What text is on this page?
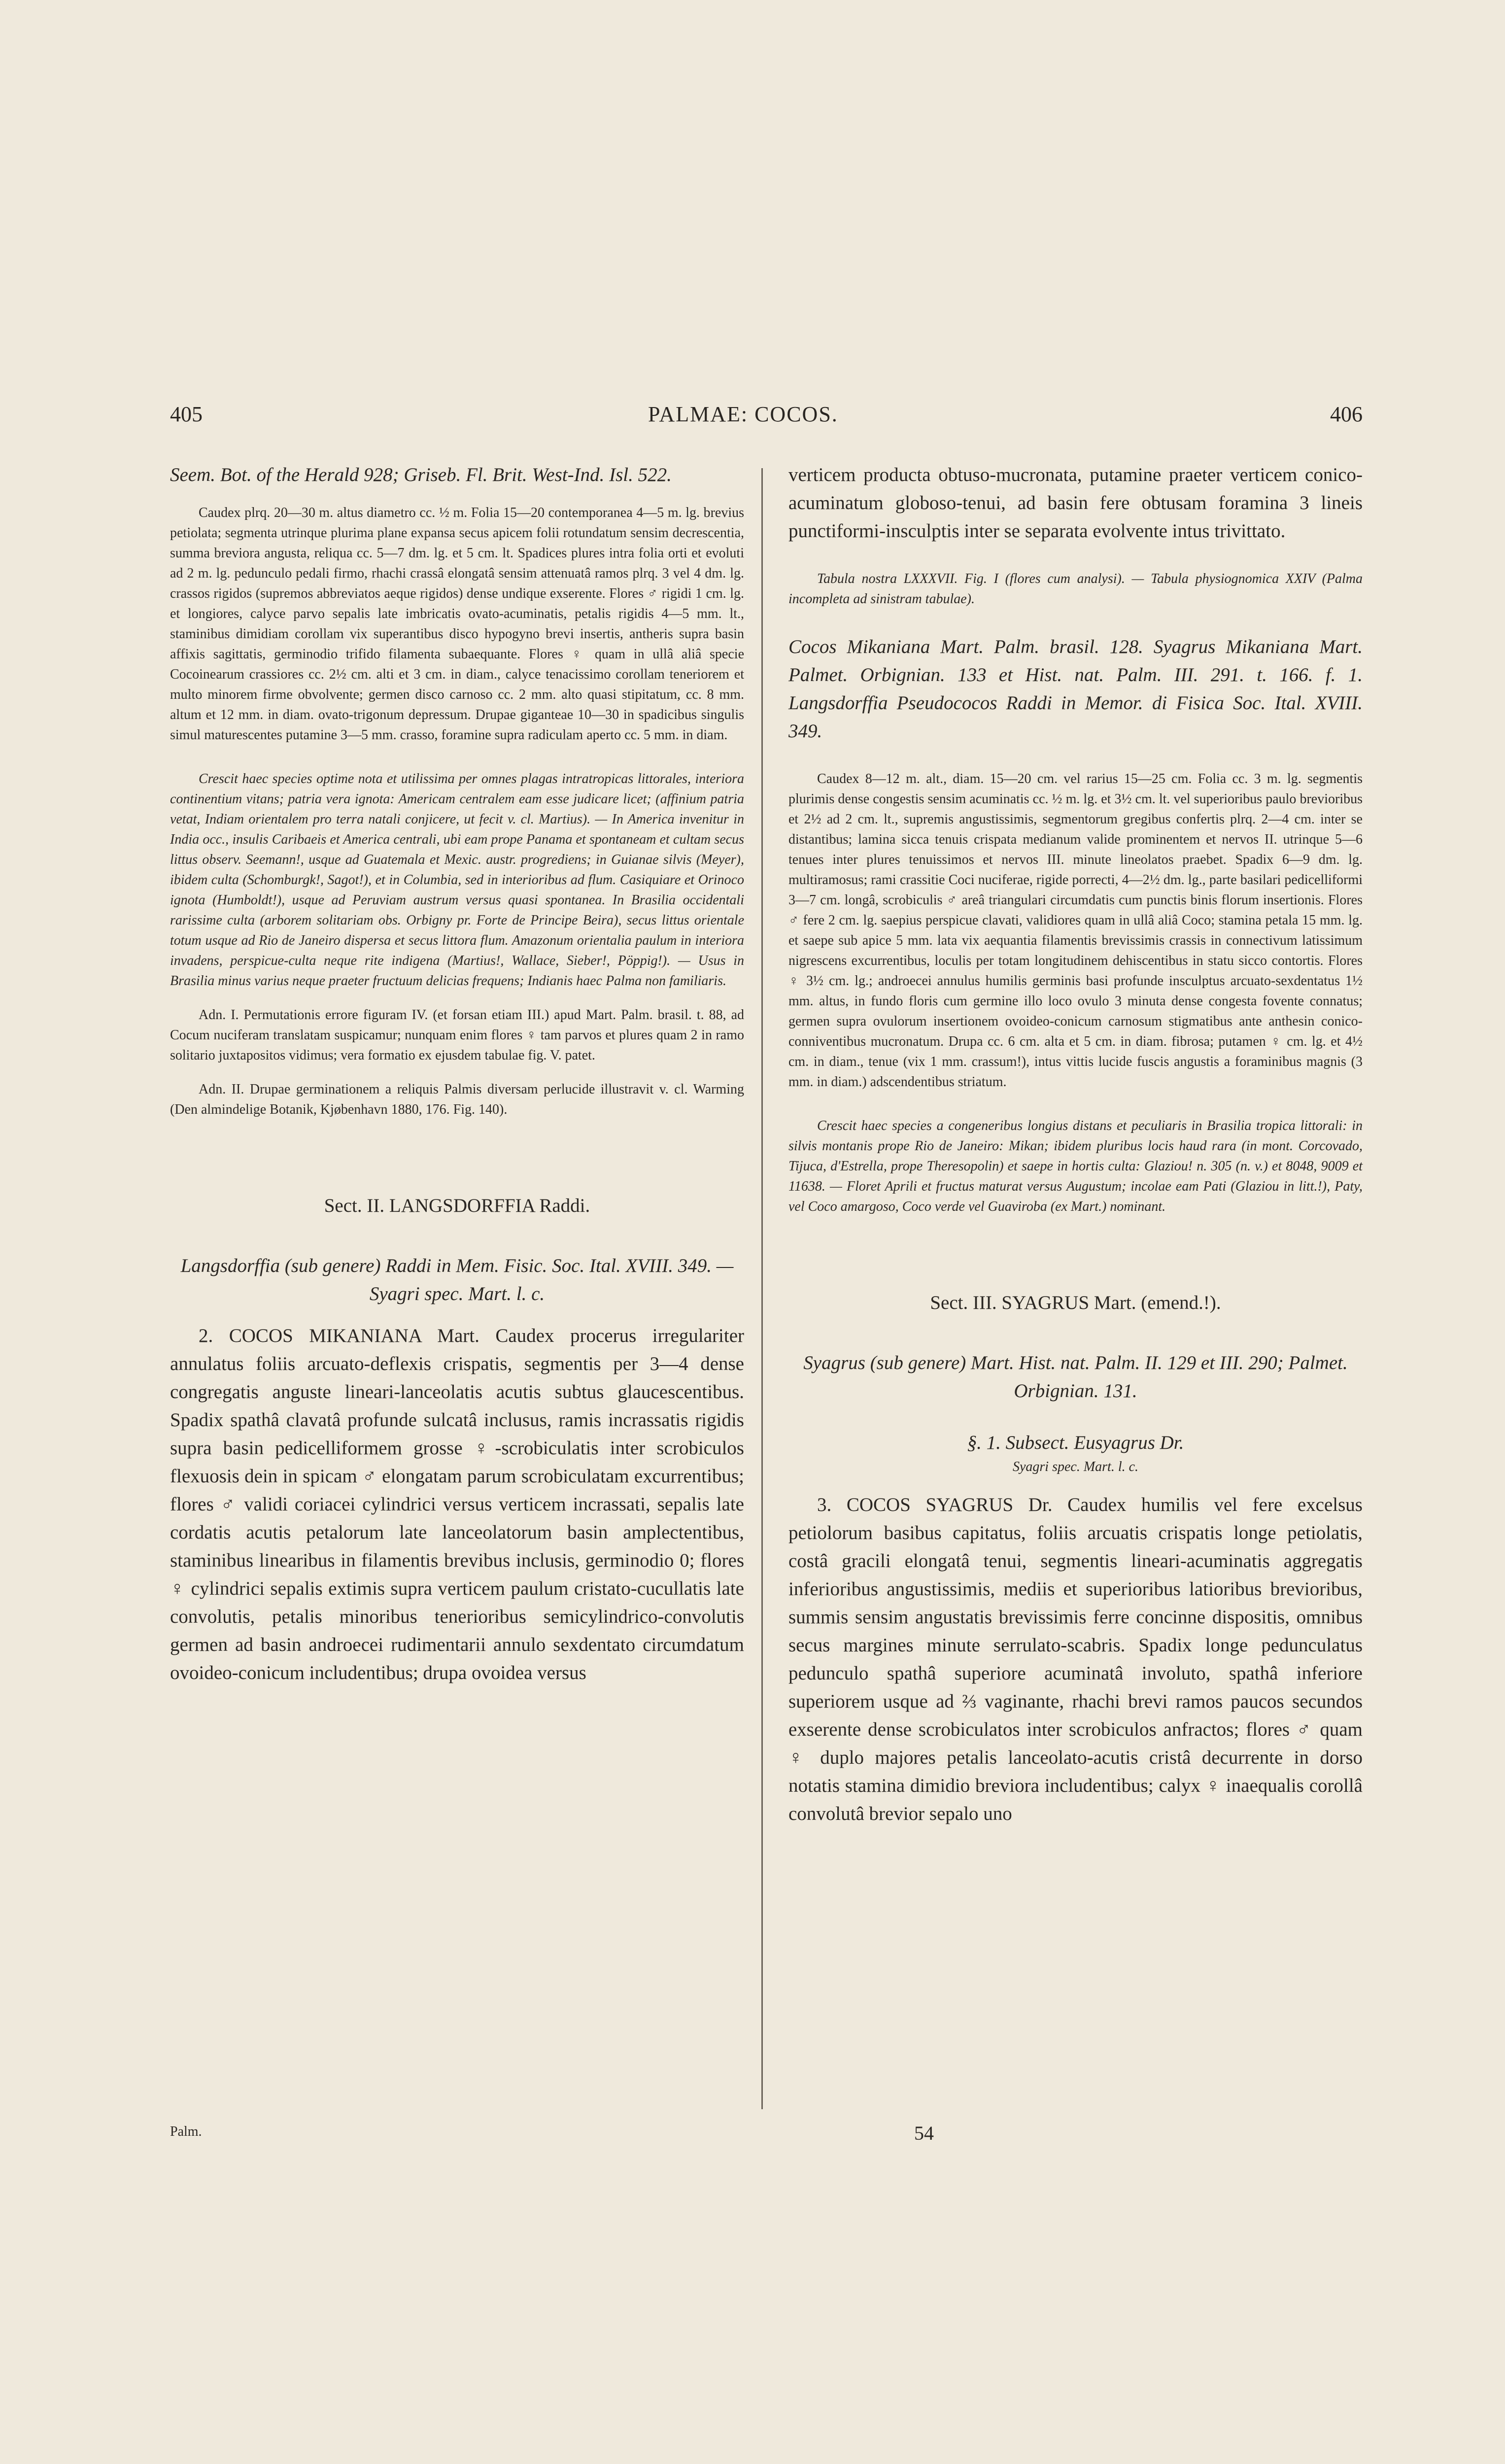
405	PALMAE: COCOS.	406

Seem. Bot. of the Herald 928; Griseb. Fl. Brit. West-Ind. Isl. 522.

Caudex plrq. 20—30 m. altus diametro cc. ½ m. Folia 15—20 contemporanea 4—5 m. lg. brevius petiolata; segmenta utrinque plurima plane expansa secus apicem folii rotundatum sensim decrescentia, summa breviora angusta, reliqua cc. 5—7 dm. lg. et 5 cm. lt. Spadices plures intra folia orti et evoluti ad 2 m. lg. pedunculo pedali firmo, rhachi crassâ elongatâ sensim attenuatâ ramos plrq. 3 vel 4 dm. lg. crassos rigidos (supremos abbreviatos aeque rigidos) dense undique exserente. Flores ♂ rigidi 1 cm. lg. et longiores, calyce parvo sepalis late imbricatis ovato-acuminatis, petalis rigidis 4—5 mm. lt., staminibus dimidiam corollam vix superantibus disco hypogyno brevi insertis, antheris supra basin affixis sagittatis, germinodio trifido filamenta subaequante. Flores ♀ quam in ullâ aliâ specie Cocoinearum crassiores cc. 2½ cm. alti et 3 cm. in diam., calyce tenacissimo corollam teneriorem et multo minorem firme obvolvente; germen disco carnoso cc. 2 mm. alto quasi stipitatum, cc. 8 mm. altum et 12 mm. in diam. ovato-trigonum depressum. Drupae giganteae 10—30 in spadicibus singulis simul maturescentes putamine 3—5 mm. crasso, foramine supra radiculam aperto cc. 5 mm. in diam.

Crescit haec species optime nota et utilissima per omnes plagas intratropicas littorales, interiora continentium vitans; patria vera ignota: Americam centralem eam esse judicare licet; (affinium patria vetat, Indiam orientalem pro terra natali conjicere, ut fecit v. cl. Martius). — In America invenitur in India occ., insulis Caribaeis et America centrali, ubi eam prope Panama et spontaneam et cultam secus littus observ. Seemann!, usque ad Guatemala et Mexic. austr. progrediens; in Guianae silvis (Meyer), ibidem culta (Schomburgk!, Sagot!), et in Columbia, sed in interioribus ad flum. Casiquiare et Orinoco ignota (Humboldt!), usque ad Peruviam austrum versus quasi spontanea. In Brasilia occidentali rarissime culta (arborem solitariam obs. Orbigny pr. Forte de Principe Beira), secus littus orientale totum usque ad Rio de Janeiro dispersa et secus littora flum. Amazonum orientalia paulum in interiora invadens, perspicue-culta neque rite indigena (Martius!, Wallace, Sieber!, Pöppig!). — Usus in Brasilia minus varius neque praeter fructuum delicias frequens; Indianis haec Palma non familiaris.

Adn. I. Permutationis errore figuram IV. (et forsan etiam III.) apud Mart. Palm. brasil. t. 88, ad Cocum nuciferam translatam suspicamur; nunquam enim flores ♀ tam parvos et plures quam 2 in ramo solitario juxtapositos vidimus; vera formatio ex ejusdem tabulae fig. V. patet.

Adn. II. Drupae germinationem a reliquis Palmis diversam perlucide illustravit v. cl. Warming (Den almindelige Botanik, Kjøbenhavn 1880, 176. Fig. 140).

Sect. II. LANGSDORFFIA Raddi.

Langsdorffia (sub genere) Raddi in Mem. Fisic. Soc. Ital. XVIII. 349. — Syagri spec. Mart. l. c.

2. COCOS MIKANIANA Mart. Caudex procerus irregulariter annulatus foliis arcuato-deflexis crispatis, segmentis per 3—4 dense congregatis anguste lineari-lanceolatis acutis subtus glaucescentibus. Spadix spathâ clavatâ profunde sulcatâ inclusus, ramis incrassatis rigidis supra basin pedicelliformem grosse ♀-scrobiculatis inter scrobiculos flexuosis dein in spicam ♂ elongatam parum scrobiculatam excurrentibus; flores ♂ validi coriacei cylindrici versus verticem incrassati, sepalis late cordatis acutis petalorum late lanceolatorum basin amplectentibus, staminibus linearibus in filamentis brevibus inclusis, germinodio 0; flores ♀ cylindrici sepalis extimis supra verticem paulum cristato-cucullatis late convolutis, petalis minoribus tenerioribus semicylindrico-convolutis germen ad basin androecei rudimentarii annulo sexdentato circumdatum ovoideo-conicum includentibus; drupa ovoidea versus

verticem producta obtuso-mucronata, putamine praeter verticem conico-acuminatum globoso-tenui, ad basin fere obtusam foramina 3 lineis punctiformi-insculptis inter se separata evolvente intus trivittato.

Tabula nostra LXXXVII. Fig. I (flores cum analysi). — Tabula physiognomica XXIV (Palma incompleta ad sinistram tabulae).

Cocos Mikaniana Mart. Palm. brasil. 128. Syagrus Mikaniana Mart. Palmet. Orbignian. 133 et Hist. nat. Palm. III. 291. t. 166. f. 1. Langsdorffia Pseudococos Raddi in Memor. di Fisica Soc. Ital. XVIII. 349.

Caudex 8—12 m. alt., diam. 15—20 cm. vel rarius 15—25 cm. Folia cc. 3 m. lg. segmentis plurimis dense congestis sensim acuminatis cc. ½ m. lg. et 3½ cm. lt. vel superioribus paulo brevioribus et 2½ ad 2 cm. lt., supremis angustissimis, segmentorum gregibus confertis plrq. 2—4 cm. inter se distantibus; lamina sicca tenuis crispata medianum valide prominentem et nervos II. utrinque 5—6 tenues inter plures tenuissimos et nervos III. minute lineolatos praebet. Spadix 6—9 dm. lg. multiramosus; rami crassitie Coci nuciferae, rigide porrecti, 4—2½ dm. lg., parte basilari pedicelliformi 3—7 cm. longâ, scrobiculis ♂ areâ triangulari circumdatis cum punctis binis florum insertionis. Flores ♂ fere 2 cm. lg. saepius perspicue clavati, validiores quam in ullâ aliâ Coco; stamina petala 15 mm. lg. et saepe sub apice 5 mm. lata vix aequantia filamentis brevissimis crassis in connectivum latissimum nigrescens excurrentibus, loculis per totam longitudinem dehiscentibus in statu sicco contortis. Flores ♀ 3½ cm. lg.; androecei annulus humilis germinis basi profunde insculptus arcuato-sexdentatus 1½ mm. altus, in fundo floris cum germine illo loco ovulo 3 minuta dense congesta fovente connatus; germen supra ovulorum insertionem ovoideo-conicum carnosum stigmatibus ante anthesin conico-conniventibus mucronatum. Drupa cc. 6 cm. alta et 5 cm. in diam. fibrosa; putamen ♀ cm. lg. et 4½ cm. in diam., tenue (vix 1 mm. crassum!), intus vittis lucide fuscis angustis a foraminibus magnis (3 mm. in diam.) adscendentibus striatum.

Crescit haec species a congeneribus longius distans et peculiaris in Brasilia tropica littorali: in silvis montanis prope Rio de Janeiro: Mikan; ibidem pluribus locis haud rara (in mont. Corcovado, Tijuca, d'Estrella, prope Theresopolin) et saepe in hortis culta: Glaziou! n. 305 (n. v.) et 8048, 9009 et 11638. — Floret Aprili et fructus maturat versus Augustum; incolae eam Pati (Glaziou in litt.!), Paty, vel Coco amargoso, Coco verde vel Guaviroba (ex Mart.) nominant.

Sect. III. SYAGRUS Mart. (emend.!).

Syagrus (sub genere) Mart. Hist. nat. Palm. II. 129 et III. 290; Palmet. Orbignian. 131.

§. 1. Subsect. Eusyagrus Dr.

Syagri spec. Mart. l. c.

3. COCOS SYAGRUS Dr. Caudex humilis vel fere excelsus petiolorum basibus capitatus, foliis arcuatis crispatis longe petiolatis, costâ gracili elongatâ tenui, segmentis lineari-acuminatis aggregatis inferioribus angustissimis, mediis et superioribus latioribus brevioribus, summis sensim angustatis brevissimis ferre concinne dispositis, omnibus secus margines minute serrulato-scabris. Spadix longe pedunculatus pedunculo spathâ superiore acuminatâ involuto, spathâ inferiore superiorem usque ad ⅔ vaginante, rhachi brevi ramos paucos secundos exserente dense scrobiculatos inter scrobiculos anfractos; flores ♂ quam ♀ duplo majores petalis lanceolato-acutis cristâ decurrente in dorso notatis stamina dimidio breviora includentibus; calyx ♀ inaequalis corollâ convolutâ brevior sepalo uno

Palm.	54
